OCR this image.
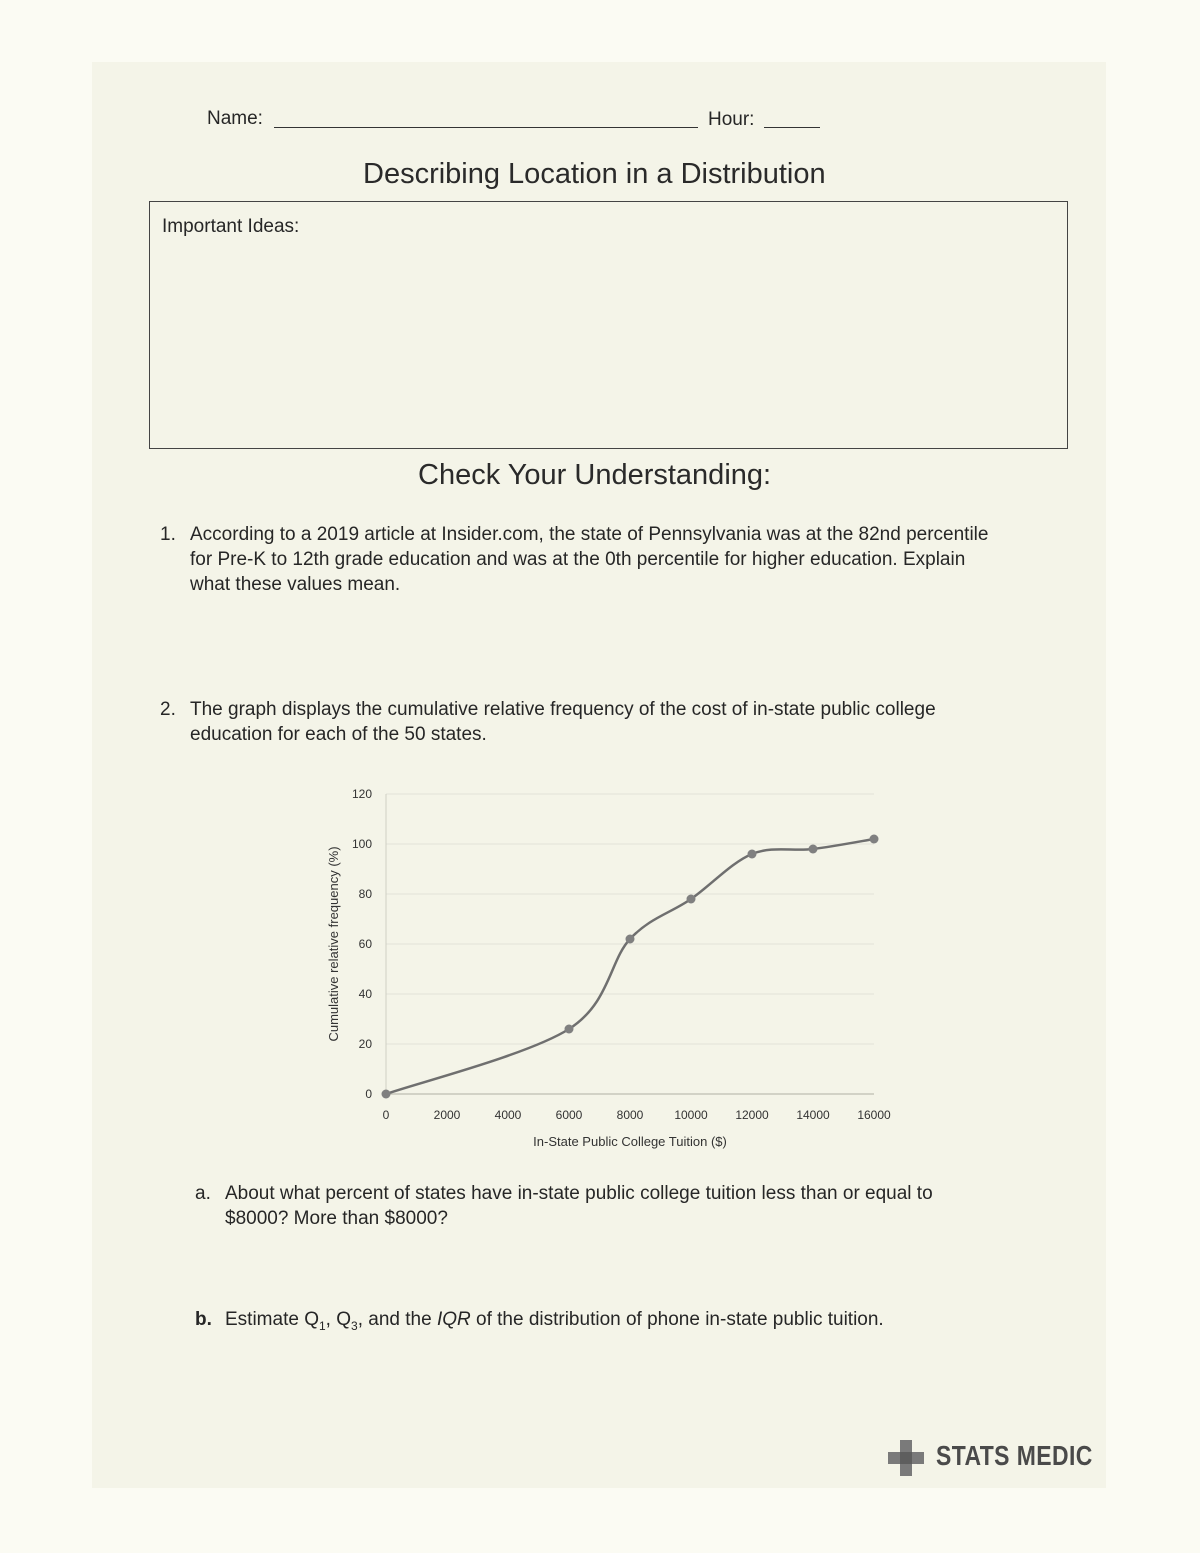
Name:	Hour:
Describing Location in a Distribution
Important Ideas:
Check Your Understanding:
1. According to a 2019 article at Insider.com, the state of Pennsylvania was at the 82nd percentile
for Pre-K to 12th grade education and was at the 0th percentile for higher education. Explain
what these values mean.
2. The graph displays the cumulative relative frequency of the cost of in-state public college
education for each of the 50 states.
0
20
40
60
80
100
120
0	2000	4000	6000	8000	10000 12000 14000 16000
In-State Public College Tuition ($)
Cumulative relative frequency (%)
a. About what percent of states have in-state public college tuition less than or equal to
$8000? More than $8000?
b. Estimate $Q_1$, $Q_3$, and the IQR of the distribution of phone in-state public tuition.
STATS MEDIC
